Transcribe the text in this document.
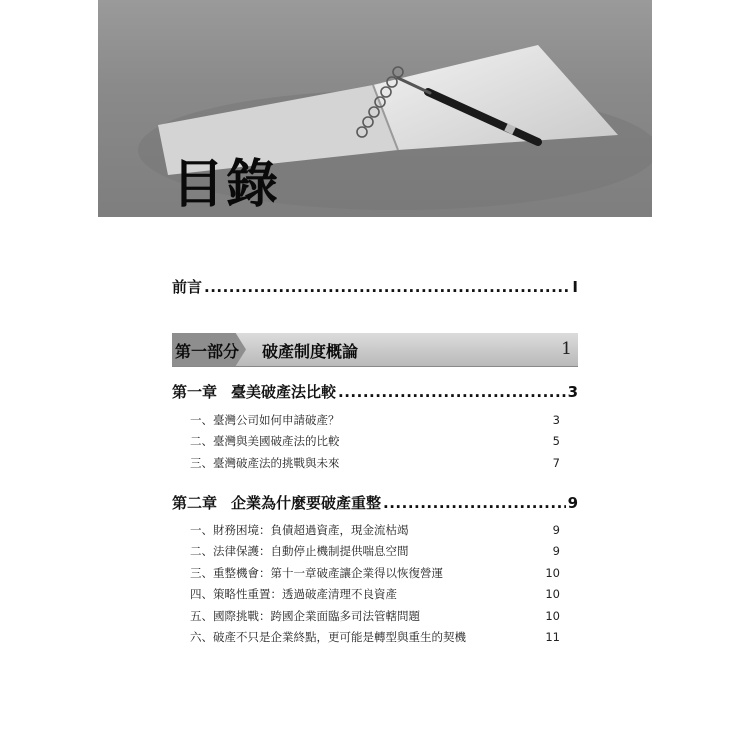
目錄
前言 .....	I
第一部分 破產制度概論	1
第一章 臺美破產法比較 .....	3
一、臺灣公司如何申請破產？	3
二、臺灣與美國破產法的比較	5
三、臺灣破產法的挑戰與未來	7
第二章 企業為什麼要破產重整 .....	9
一、財務困境：負債超過資產，現金流枯竭	9
二、法律保護：自動停止機制提供喘息空間	9
三、重整機會：第十一章破產讓企業得以恢復營運	10
四、策略性重置：透過破產清理不良資產	10
五、國際挑戰：跨國企業面臨多司法管轄問題	10
六、破產不只是企業終點，更可能是轉型與重生的契機	11
